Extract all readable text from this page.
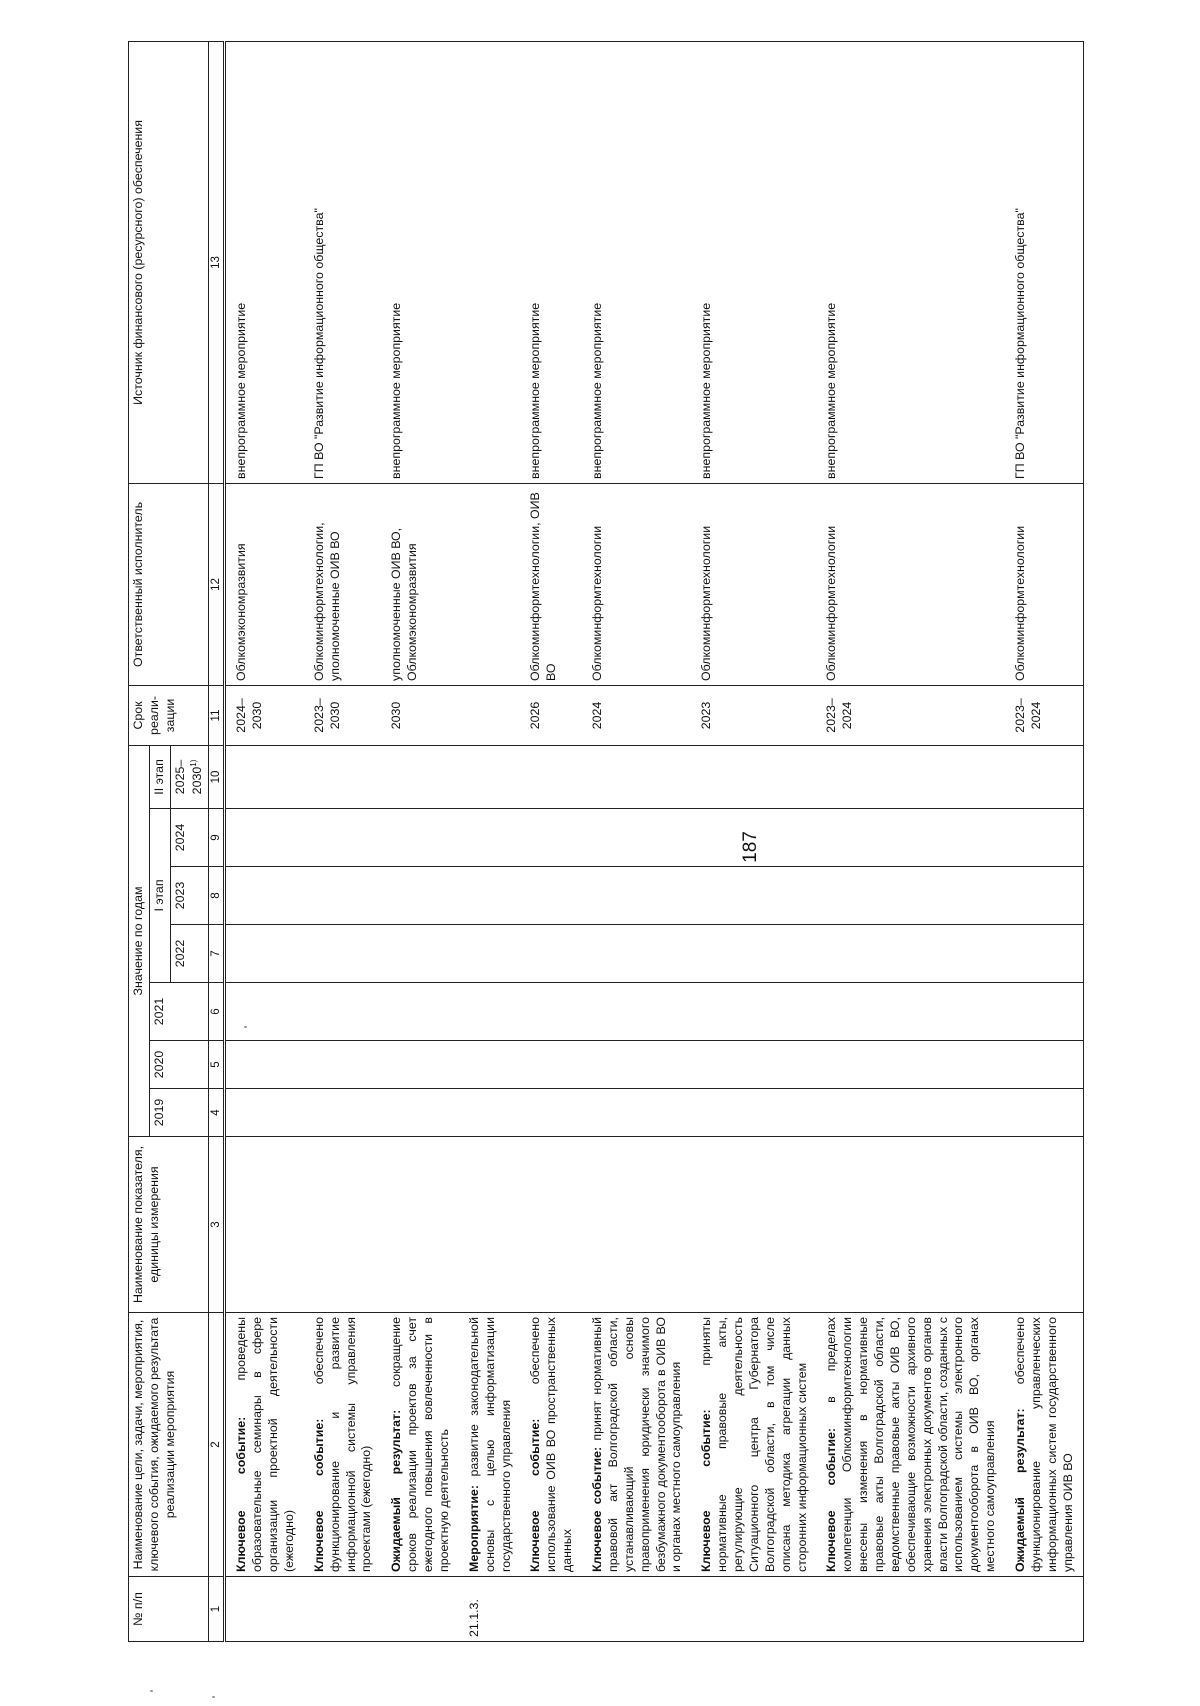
187
№ п/п	Наименование цели, задачи, мероприятия, ключевого события, ожидаемого результата реализации мероприятия	Наименование показателя, единицы измерения	Значение по годам							Срок реали-зации	Ответственный исполнитель	Источник финансового (ресурсного) обеспечения
			2019	2020	2021	I этап			II этап			
						2022	2023	2024	2025–2030$^{1)}$
1	2	3	4	5	6	7	8	9	10	11	12	13
	Ключевое событие: проведены образовательные семинары в сфере организации проектной деятельности (ежегодно)									2024–2030	Облкомэкономразвития	внепрограммное мероприятие
	Ключевое событие: обеспечено функционирование и развитие информационной системы управления проектами (ежегодно)									2023–2030	Облкоминформтехнологии, уполномоченные ОИВ ВО	ГП ВО "Развитие информационного общества"
	Ожидаемый результат: сокращение сроков реализации проектов за счет ежегодного повышения вовлеченности в проектную деятельность									2030	уполномоченные ОИВ ВО, Облкомэкономразвития	внепрограммное мероприятие
21.1.3.	Мероприятие: развитие законодательной основы с целью информатизации государственного управления											
	Ключевое событие: обеспечено использование ОИВ ВО пространственных данных									2026	Облкоминформтехнологии, ОИВ ВО	внепрограммное мероприятие
	Ключевое событие: принят нормативный правовой акт Волгоградской области, устанавливающий основы правоприменения юридически значимого безбумажного документооборота в ОИВ ВО и органах местного самоуправления									2024	Облкоминформтехнологии	внепрограммное мероприятие
	Ключевое событие: приняты нормативные правовые акты, регулирующие деятельность Ситуационного центра Губернатора Волгоградской области, в том числе описана методика агрегации данных сторонних информационных систем									2023	Облкоминформтехнологии	внепрограммное мероприятие
	Ключевое событие: в пределах компетенции Облкоминформтехнологии внесены изменения в нормативные правовые акты Волгоградской области, ведомственные правовые акты ОИВ ВО, обеспечивающие возможности архивного хранения электронных документов органов власти Волгоградской области, созданных с использованием системы электронного документооборота в ОИВ ВО, органах местного самоуправления									2023–2024	Облкоминформтехнологии	внепрограммное мероприятие
	Ожидаемый результат: обеспечено функционирование управленческих информационных систем государственного управления ОИВ ВО									2023–2024	Облкоминформтехнологии	ГП ВО "Развитие информационного общества"
